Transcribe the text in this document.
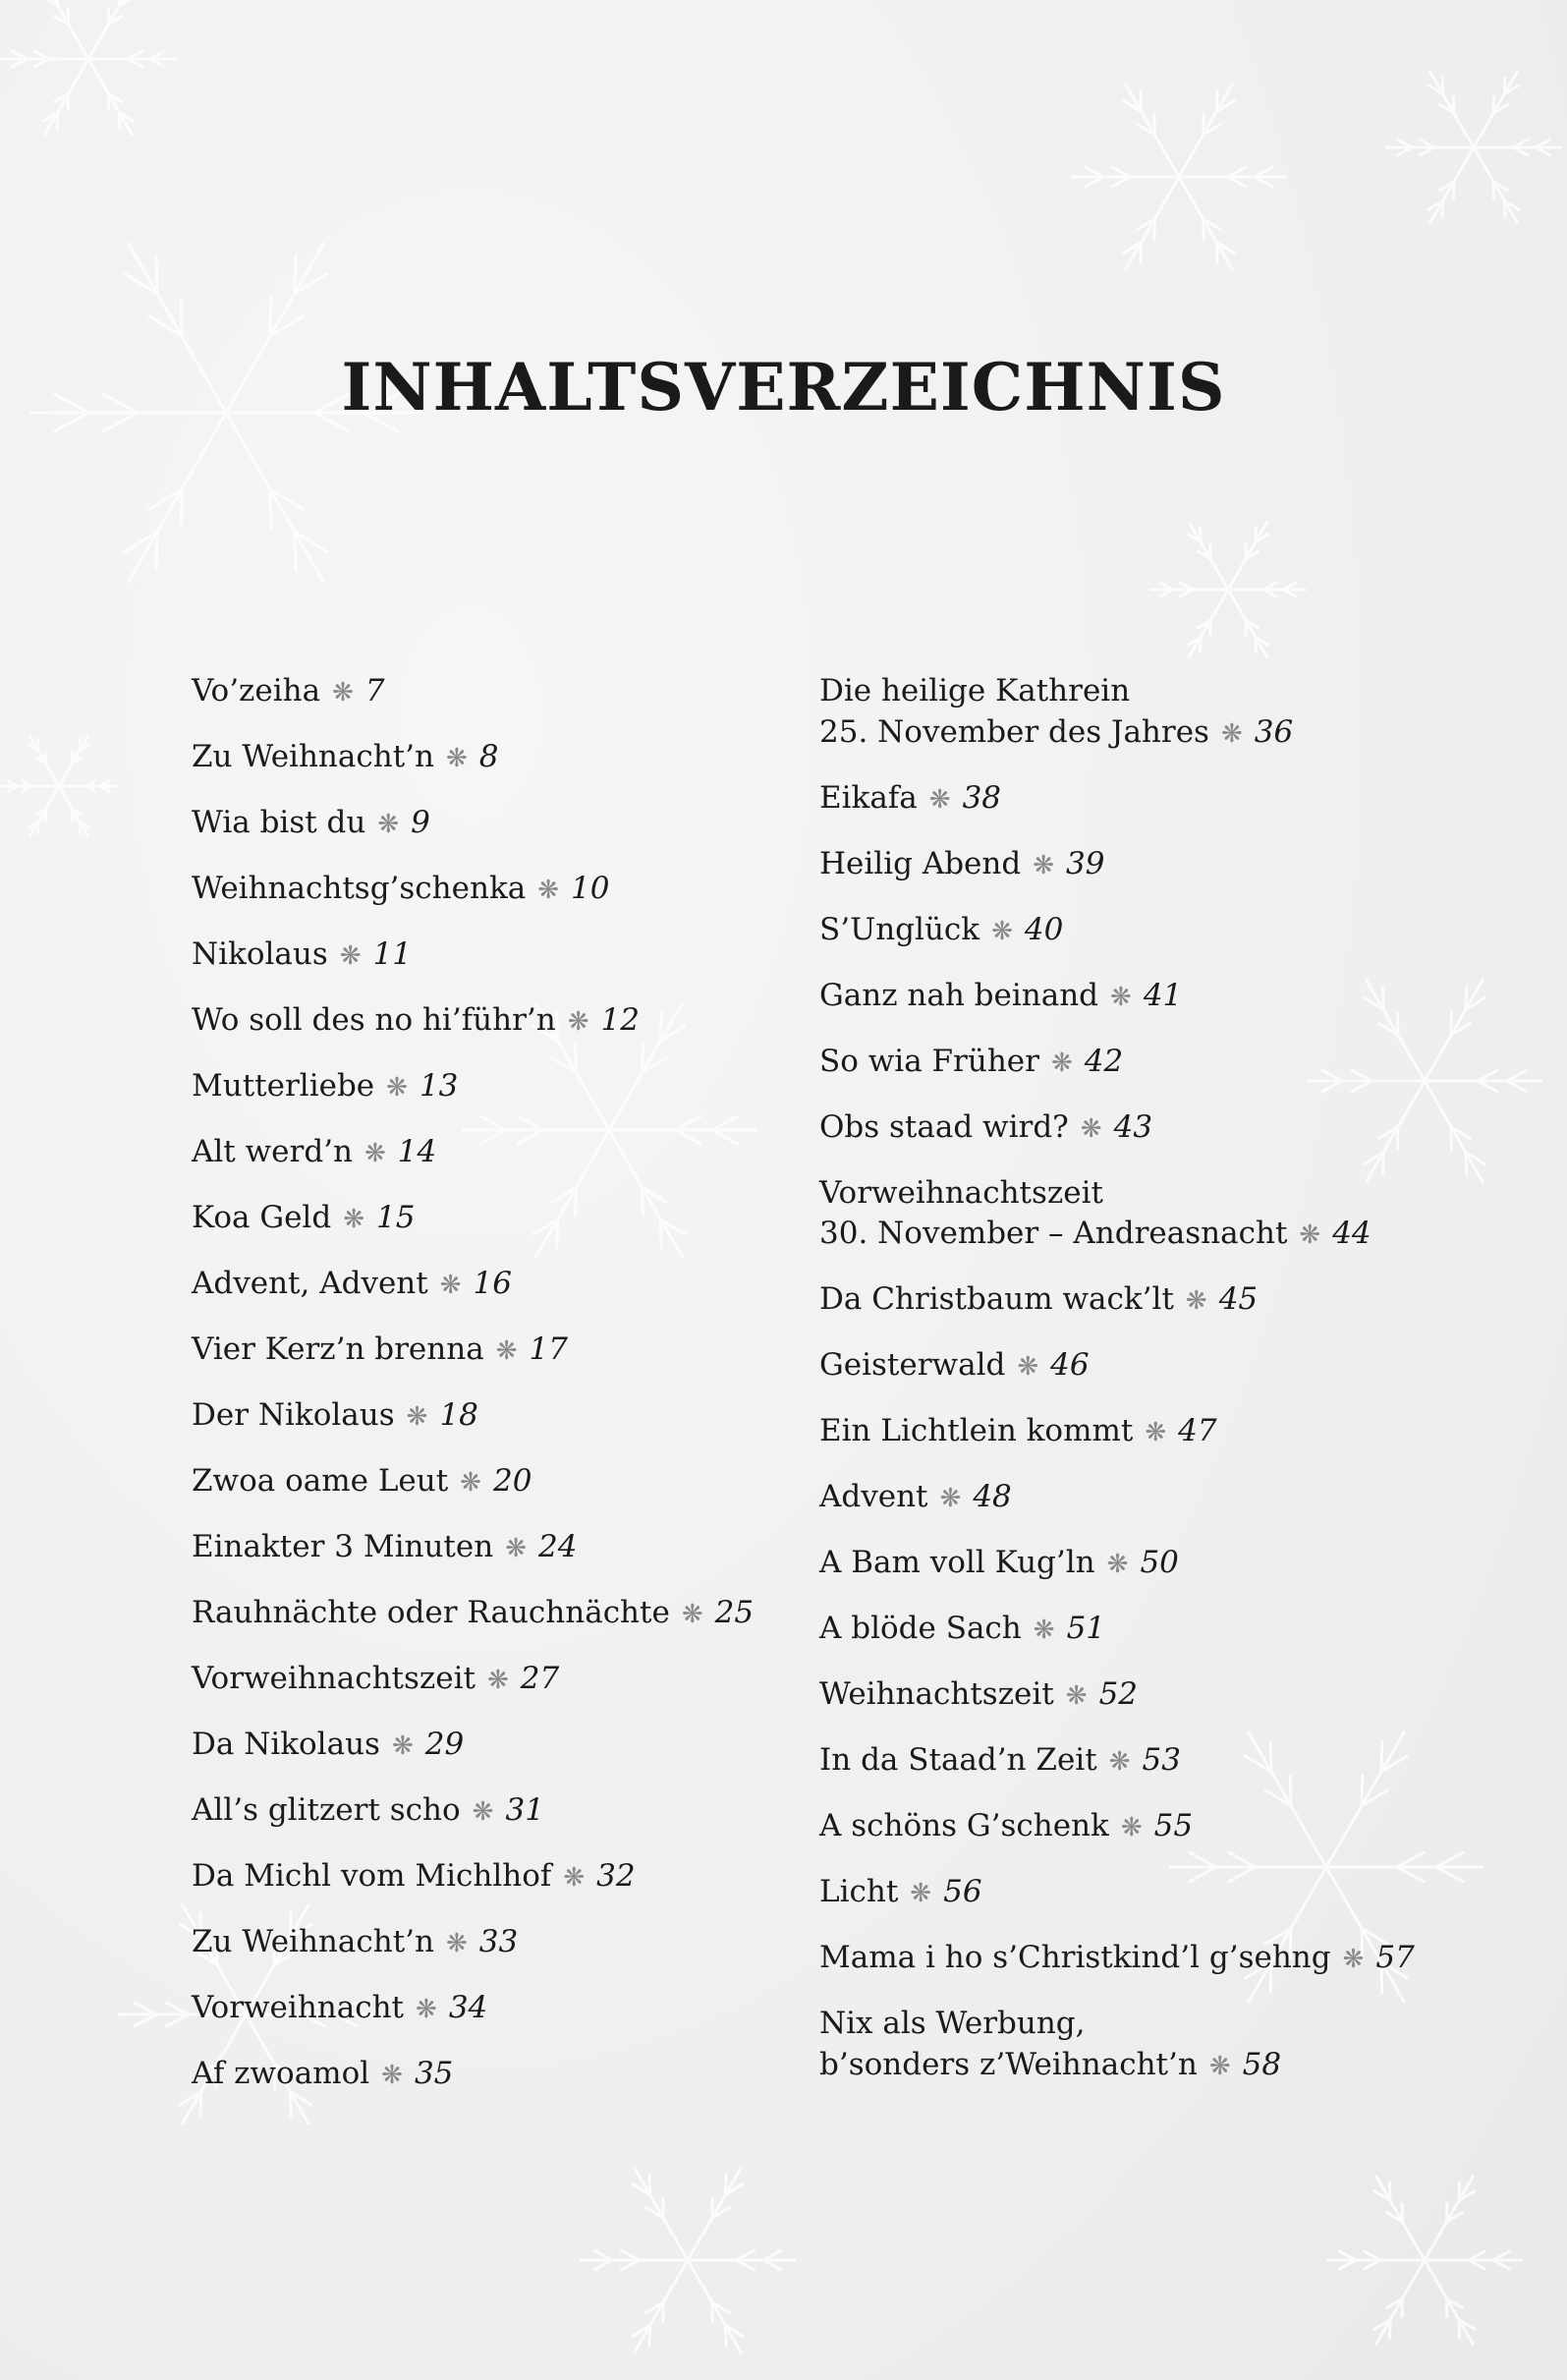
INHALTSVERZEICHNIS
Vo’zeiha ❋ 7
Zu Weihnacht’n ❋ 8
Wia bist du ❋ 9
Weihnachtsg’schenka ❋ 10
Nikolaus ❋ 11
Wo soll des no hi’führ’n ❋ 12
Mutterliebe ❋ 13
Alt werd’n ❋ 14
Koa Geld ❋ 15
Advent, Advent ❋ 16
Vier Kerz’n brenna ❋ 17
Der Nikolaus ❋ 18
Zwoa oame Leut ❋ 20
Einakter 3 Minuten ❋ 24
Rauhnächte oder Rauchnächte ❋ 25
Vorweihnachtszeit ❋ 27
Da Nikolaus ❋ 29
All’s glitzert scho ❋ 31
Da Michl vom Michlhof ❋ 32
Zu Weihnacht’n ❋ 33
Vorweihnacht ❋ 34
Af zwoamol ❋ 35
Die heilige Kathrein
25. November des Jahres ❋ 36
Eikafa ❋ 38
Heilig Abend ❋ 39
S’Unglück ❋ 40
Ganz nah beinand ❋ 41
So wia Früher ❋ 42
Obs staad wird? ❋ 43
Vorweihnachtszeit
30. November – Andreasnacht ❋ 44
Da Christbaum wack’lt ❋ 45
Geisterwald ❋ 46
Ein Lichtlein kommt ❋ 47
Advent ❋ 48
A Bam voll Kug’ln ❋ 50
A blöde Sach ❋ 51
Weihnachtszeit ❋ 52
In da Staad’n Zeit ❋ 53
A schöns G’schenk ❋ 55
Licht ❋ 56
Mama i ho s’Christkind’l g’sehng ❋ 57
Nix als Werbung,
b’sonders z’Weihnacht’n ❋ 58
